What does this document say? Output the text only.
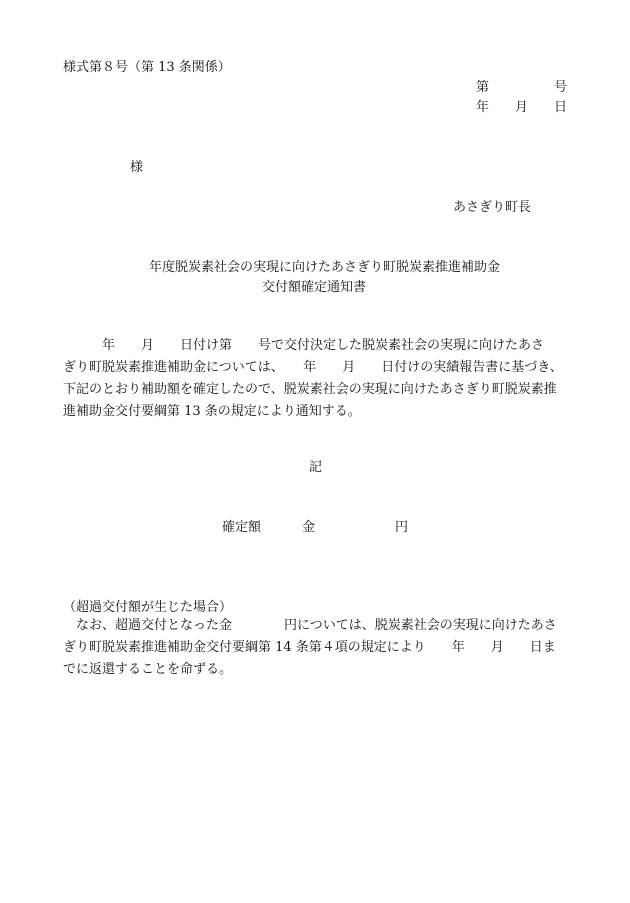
様式第８号（第 13 条関係）
第　　　　　号
年　　月　　日
様
あさぎり町長
年度脱炭素社会の実現に向けたあさぎり町脱炭素推進補助金
交付額確定通知書

年　　月　　日付け第　　号で交付決定した脱炭素社会の実現に向けたあさ

ぎり町脱炭素推進補助金については、　　年　　月　　日付けの実績報告書に基づき、

下記のとおり補助額を確定したので、脱炭素社会の実現に向けたあさぎり町脱炭素推

進補助金交付要綱第 13 条の規定により通知する。

記
確定額	金	円
（超過交付額が生じた場合）

なお、超過交付となった金　　　　円については、脱炭素社会の実現に向けたあさ

ぎり町脱炭素推進補助金交付要綱第 14 条第４項の規定により　　年　　月　　日ま

でに返還することを命ずる。
